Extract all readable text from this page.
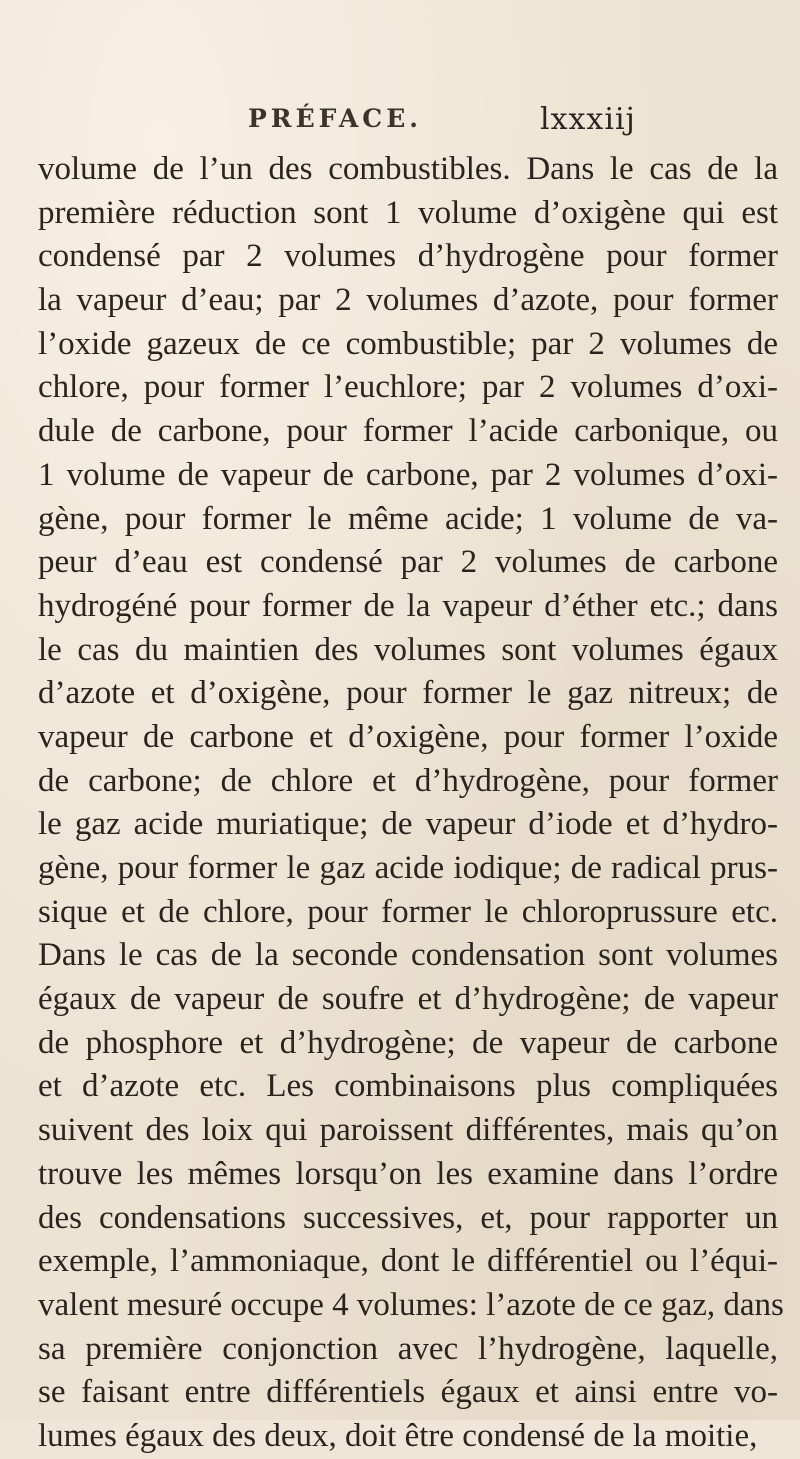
PRÉFACE.	lxxxiij
volume de l’un des combustibles. Dans le cas de la
première réduction sont 1 volume d’oxigène qui est
condensé par 2 volumes d’hydrogène pour former
la vapeur d’eau; par 2 volumes d’azote, pour former
l’oxide gazeux de ce combustible; par 2 volumes de
chlore, pour former l’euchlore; par 2 volumes d’oxi-
dule de carbone, pour former l’acide carbonique, ou
1 volume de vapeur de carbone, par 2 volumes d’oxi-
gène, pour former le même acide; 1 volume de va-
peur d’eau est condensé par 2 volumes de carbone
hydrogéné pour former de la vapeur d’éther etc.; dans
le cas du maintien des volumes sont volumes égaux
d’azote et d’oxigène, pour former le gaz nitreux; de
vapeur de carbone et d’oxigène, pour former l’oxide
de carbone; de chlore et d’hydrogène, pour former
le gaz acide muriatique; de vapeur d’iode et d’hydro-
gène, pour former le gaz acide iodique; de radical prus-
sique et de chlore, pour former le chloroprussure etc.
Dans le cas de la seconde condensation sont volumes
égaux de vapeur de soufre et d’hydrogène; de vapeur
de phosphore et d’hydrogène; de vapeur de carbone
et d’azote etc. Les combinaisons plus compliquées
suivent des loix qui paroissent différentes, mais qu’on
trouve les mêmes lorsqu’on les examine dans l’ordre
des condensations successives, et, pour rapporter un
exemple, l’ammoniaque, dont le différentiel ou l’équi-
valent mesuré occupe 4 volumes: l’azote de ce gaz, dans
sa première conjonction avec l’hydrogène, laquelle,
se faisant entre différentiels égaux et ainsi entre vo-
lumes égaux des deux, doit être condensé de la moitie,
